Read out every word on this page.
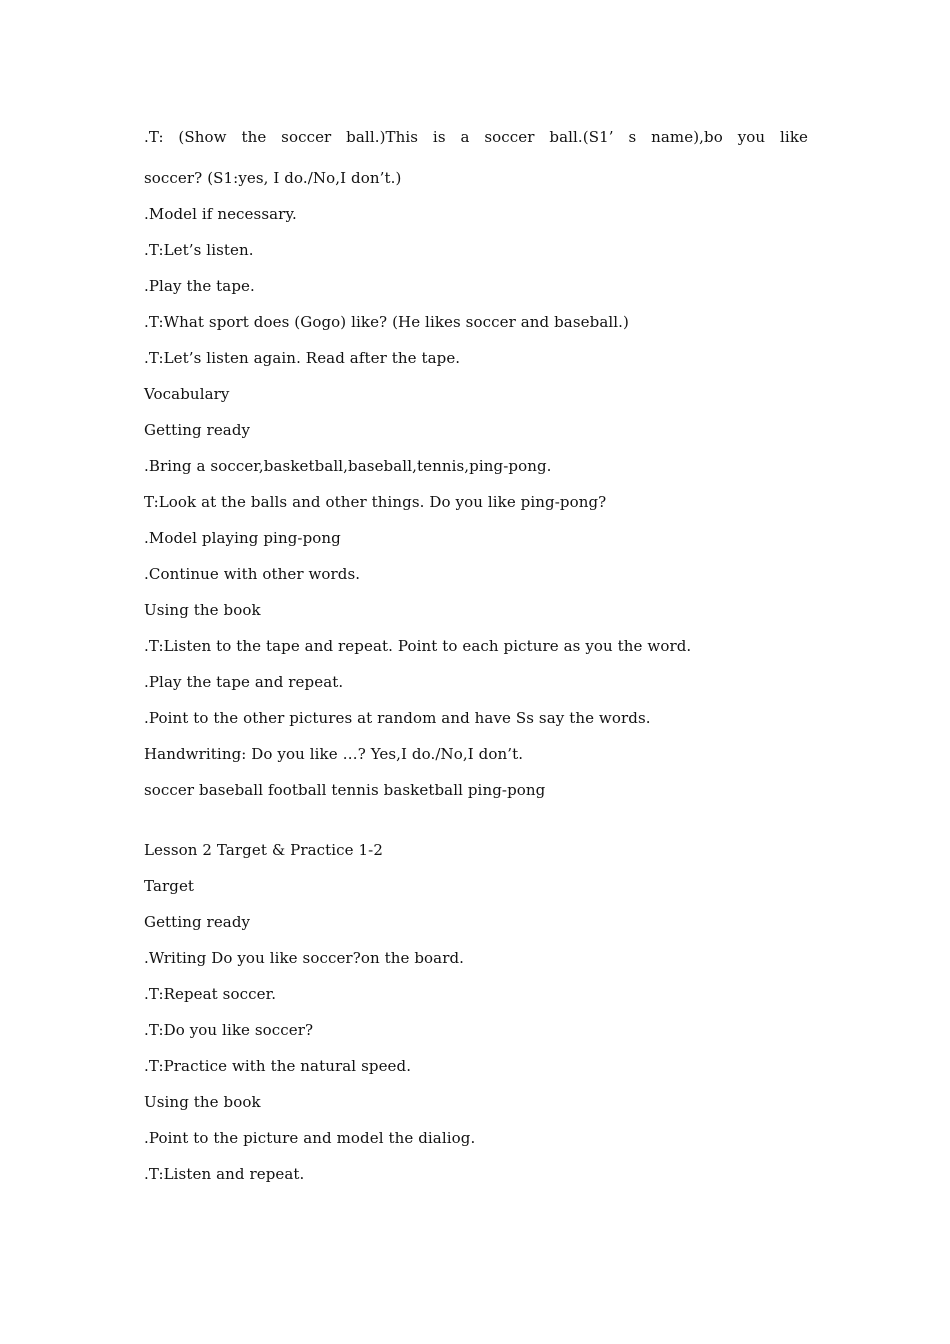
.T: (Show the soccer ball.)This is a soccer ball.(S1’ s name),bo you like
soccer? (S1:yes, I do./No,I don’t.)
.Model if necessary.
.T:Let’s listen.
.Play the tape.
.T:What sport does (Gogo) like? (He likes soccer and baseball.)
.T:Let’s listen again. Read after the tape.
Vocabulary
Getting ready
.Bring a soccer,basketball,baseball,tennis,ping-pong.
T:Look at the balls and other things. Do you like ping-pong?
.Model playing ping-pong
.Continue with other words.
Using the book
.T:Listen to the tape and repeat. Point to each picture as you the word.
.Play the tape and repeat.
.Point to the other pictures at random and have Ss say the words.
Handwriting: Do you like …? Yes,I do./No,I don’t.
soccer baseball football tennis basketball ping-pong
Lesson 2 Target & Practice 1-2
Target
Getting ready
.Writing Do you like soccer?on the board.
.T:Repeat soccer.
.T:Do you like soccer?
.T:Practice with the natural speed.
Using the book
.Point to the picture and model the dialiog.
.T:Listen and repeat.
